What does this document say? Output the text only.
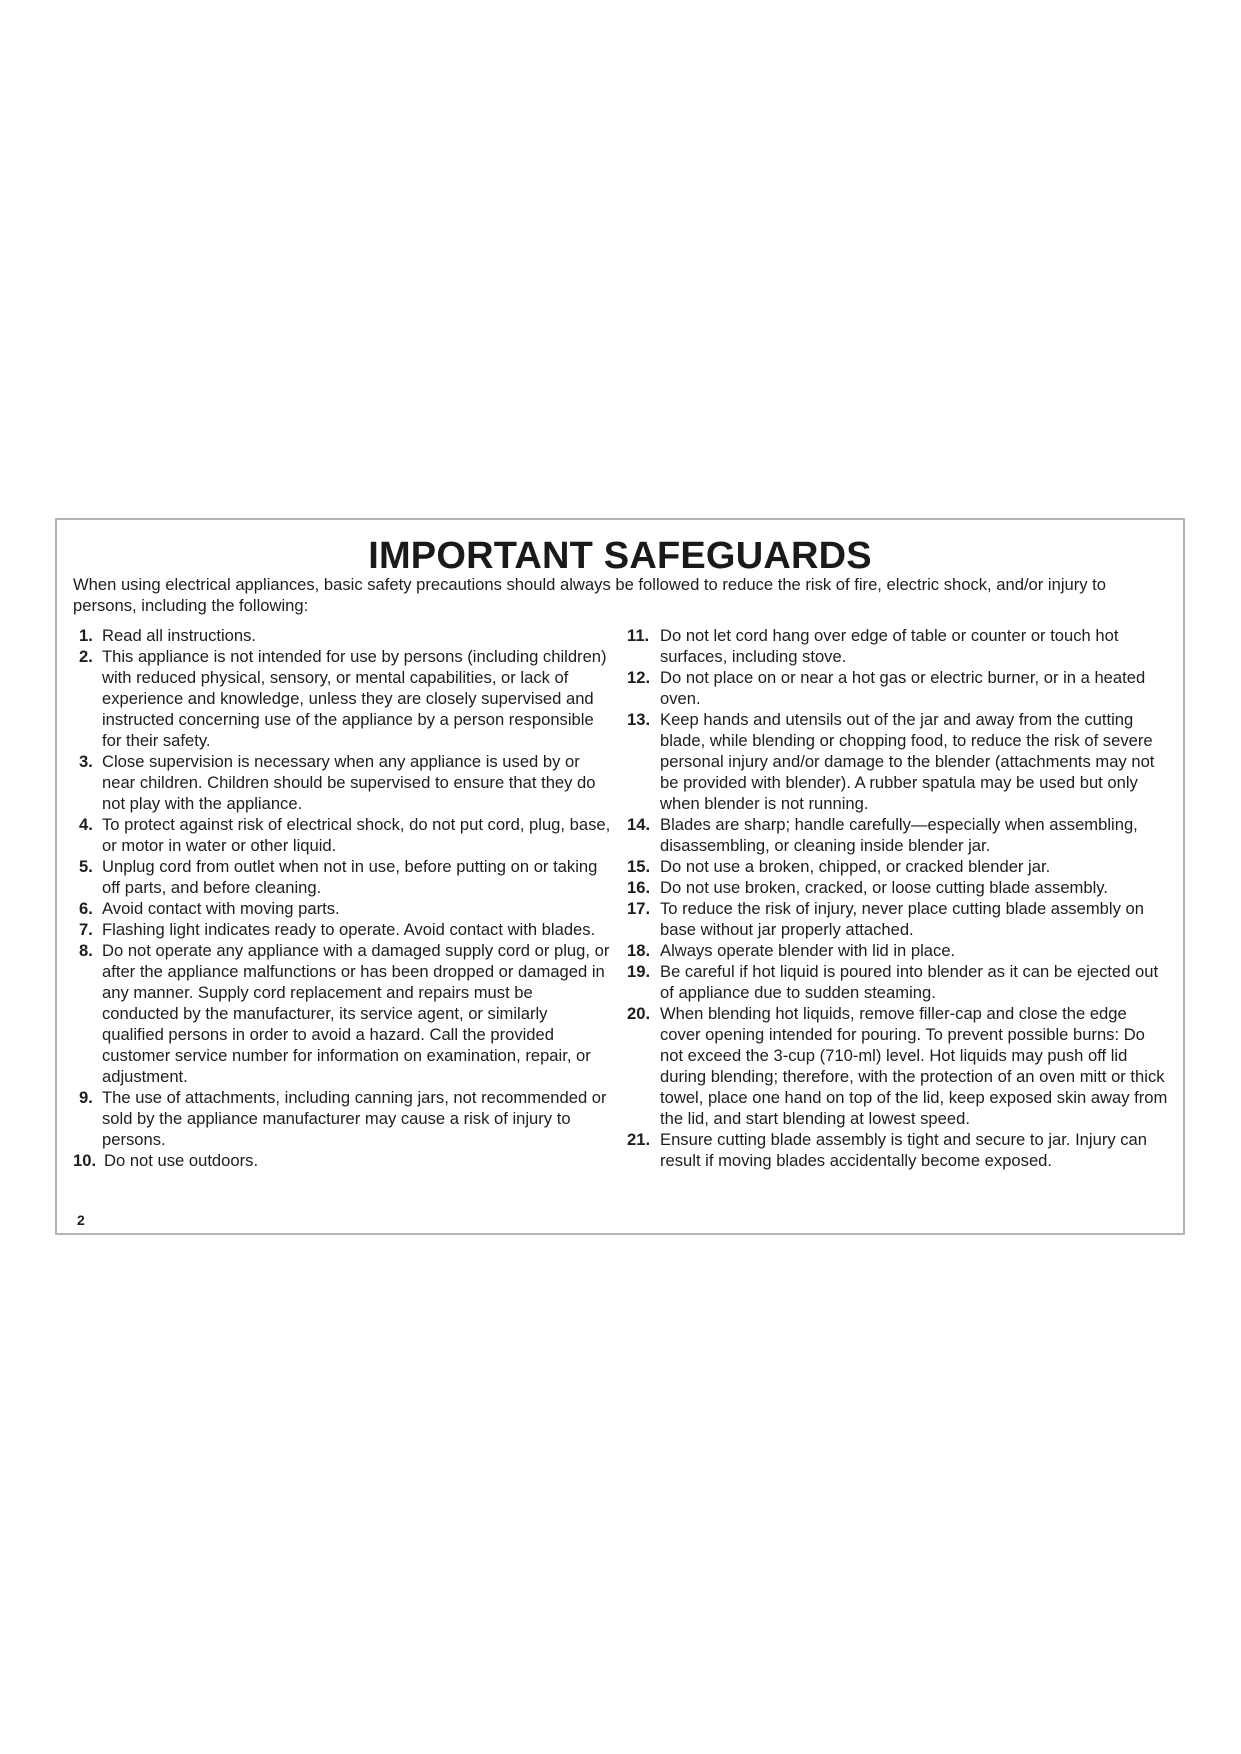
IMPORTANT SAFEGUARDS

When using electrical appliances, basic safety precautions should always be followed to reduce the risk of fire, electric shock, and/or injury to persons, including the following:

1. Read all instructions.
2. This appliance is not intended for use by persons (including children) with reduced physical, sensory, or mental capabilities, or lack of experience and knowledge, unless they are closely supervised and instructed concerning use of the appliance by a person responsible for their safety.
3. Close supervision is necessary when any appliance is used by or near children. Children should be supervised to ensure that they do not play with the appliance.
4. To protect against risk of electrical shock, do not put cord, plug, base, or motor in water or other liquid.
5. Unplug cord from outlet when not in use, before putting on or taking off parts, and before cleaning.
6. Avoid contact with moving parts.
7. Flashing light indicates ready to operate. Avoid contact with blades.
8. Do not operate any appliance with a damaged supply cord or plug, or after the appliance malfunctions or has been dropped or damaged in any manner. Supply cord replacement and repairs must be conducted by the manufacturer, its service agent, or similarly qualified persons in order to avoid a hazard. Call the provided customer service number for information on examination, repair, or adjustment.
9. The use of attachments, including canning jars, not recommended or sold by the appliance manufacturer may cause a risk of injury to persons.
10. Do not use outdoors.
11. Do not let cord hang over edge of table or counter or touch hot surfaces, including stove.
12. Do not place on or near a hot gas or electric burner, or in a heated oven.
13. Keep hands and utensils out of the jar and away from the cutting blade, while blending or chopping food, to reduce the risk of severe personal injury and/or damage to the blender (attachments may not be provided with blender). A rubber spatula may be used but only when blender is not running.
14. Blades are sharp; handle carefully—especially when assembling, disassembling, or cleaning inside blender jar.
15. Do not use a broken, chipped, or cracked blender jar.
16. Do not use broken, cracked, or loose cutting blade assembly.
17. To reduce the risk of injury, never place cutting blade assembly on base without jar properly attached.
18. Always operate blender with lid in place.
19. Be careful if hot liquid is poured into blender as it can be ejected out of appliance due to sudden steaming.
20. When blending hot liquids, remove filler-cap and close the edge cover opening intended for pouring. To prevent possible burns: Do not exceed the 3-cup (710-ml) level. Hot liquids may push off lid during blending; therefore, with the protection of an oven mitt or thick towel, place one hand on top of the lid, keep exposed skin away from the lid, and start blending at lowest speed.
21. Ensure cutting blade assembly is tight and secure to jar. Injury can result if moving blades accidentally become exposed.
2
